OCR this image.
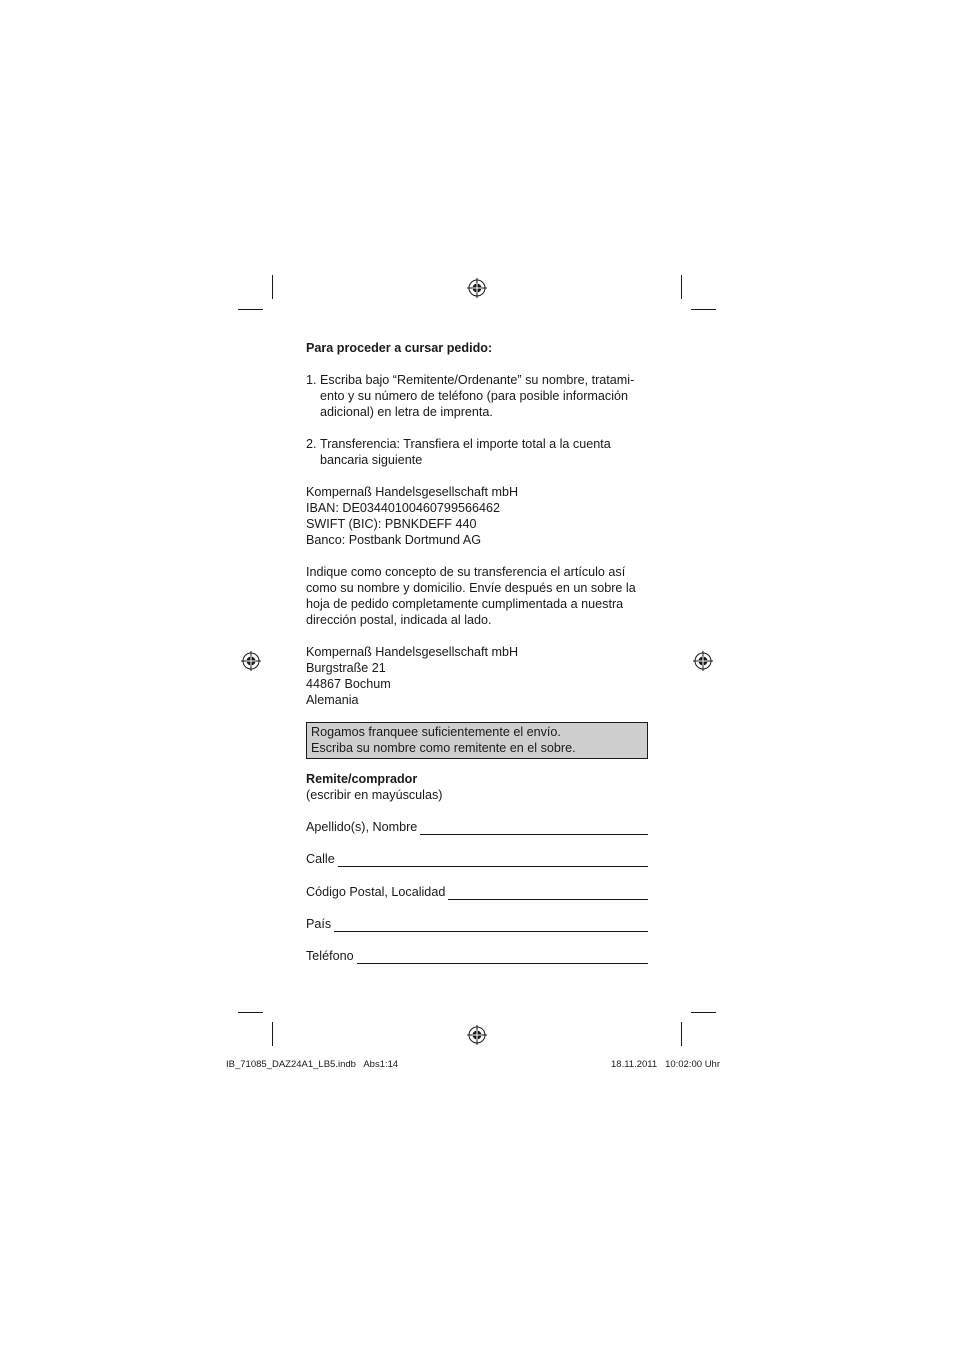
Para proceder a cursar pedido:

1. Escriba bajo “Remitente/Ordenante” su nombre, tratami-

ento y su número de teléfono (para posible información

adicional) en letra de imprenta.

2. Transferencia: Transfiera el importe total a la cuenta

bancaria siguiente

Kompernaß Handelsgesellschaft mbH

IBAN: DE03440100460799566462

SWIFT (BIC): PBNKDEFF 440

Banco: Postbank Dortmund AG

Indique como concepto de su transferencia el artículo así

como su nombre y domicilio. Envíe después en un sobre la

hoja de pedido completamente cumplimentada a nuestra

dirección postal, indicada al lado.

Kompernaß Handelsgesellschaft mbH

Burgstraße 21

44867 Bochum

Alemania

Rogamos franquee suficientemente el envío.

Escriba su nombre como remitente en el sobre.

Remite/comprador

(escribir en mayúsculas)

Apellido(s), Nombre
Calle
Código Postal, Localidad
País
Teléfono
IB_71085_DAZ24A1_LB5.indb   Abs1:14	18.11.2011   10:02:00 Uhr
